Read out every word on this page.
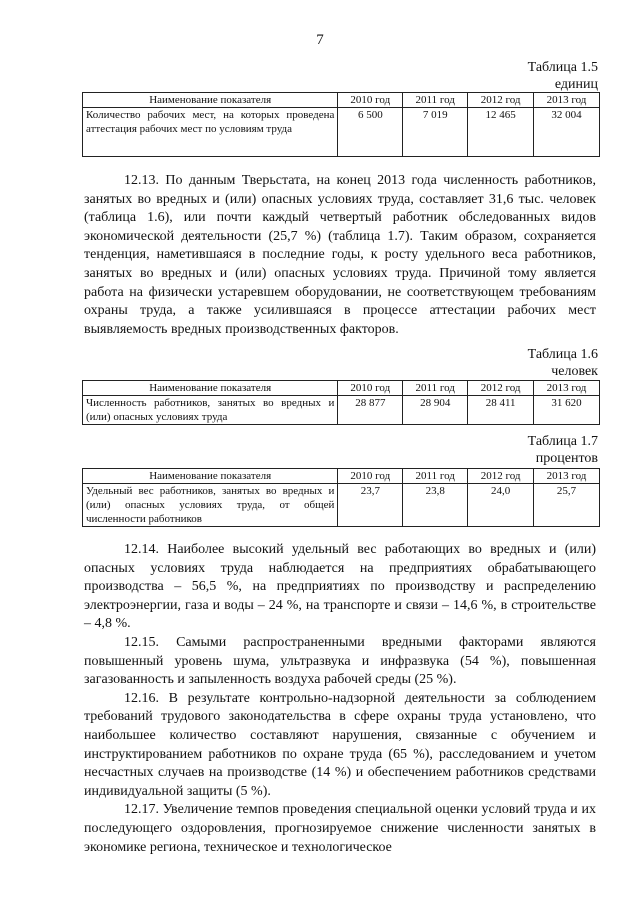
7
Таблица 1.5
единиц
Наименование показателя	2010 год	2011 год	2012 год	2013 год
Количество рабочих мест, на которых проведена аттестация рабочих мест по условиям труда	6 500	7 019	12 465	32 004

12.13. По данным Тверьстата, на конец 2013 года численность работников, занятых во вредных и (или) опасных условиях труда, составляет 31,6 тыс. человек (таблица 1.6), или почти каждый четвертый работник обследованных видов экономической деятельности (25,7 %) (таблица 1.7). Таким образом, сохраняется тенденция, наметившаяся в последние годы, к росту удельного веса работников, занятых во вредных и (или) опасных условиях труда. Причиной тому является работа на физически устаревшем оборудовании, не соответствующем требованиям охраны труда, а также усилившаяся в процессе аттестации рабочих мест выявляемость вредных производственных факторов.

Таблица 1.6
человек
Наименование показателя	2010 год	2011 год	2012 год	2013 год
Численность работников, занятых во вредных и (или) опасных условиях труда	28 877	28 904	28 411	31 620
Таблица 1.7
процентов
Наименование показателя	2010 год	2011 год	2012 год	2013 год
Удельный вес работников, занятых во вредных и (или) опасных условиях труда, от общей численности работников	23,7	23,8	24,0	25,7

12.14. Наиболее высокий удельный вес работающих во вредных и (или) опасных условиях труда наблюдается на предприятиях обрабатывающего производства – 56,5 %, на предприятиях по производству и распределению электроэнергии, газа и воды – 24 %, на транспорте и связи – 14,6 %, в строительстве – 4,8 %.

12.15. Самыми распространенными вредными факторами являются повышенный уровень шума, ультразвука и инфразвука (54 %), повышенная загазованность и запыленность воздуха рабочей среды (25 %).

12.16. В результате контрольно-надзорной деятельности за соблюдением требований трудового законодательства в сфере охраны труда установлено, что наибольшее количество составляют нарушения, связанные с обучением и инструктированием работников по охране труда (65 %), расследованием и учетом несчастных случаев на производстве (14 %) и обеспечением работников средствами индивидуальной защиты (5 %).

12.17. Увеличение темпов проведения специальной оценки условий труда и их последующего оздоровления, прогнозируемое снижение численности занятых в экономике региона, техническое и технологическое
